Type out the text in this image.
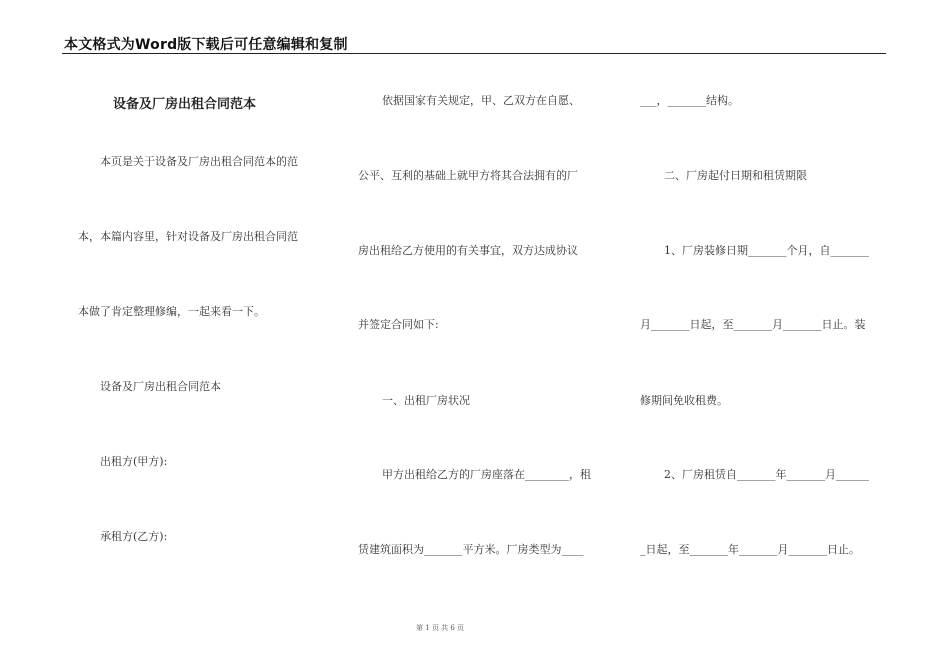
本文格式为Word版下载后可任意编辑和复制
设备及厂房出租合同范本
本页是关于设备及厂房出租合同范本的范
本，本篇内容里，针对设备及厂房出租合同范
本做了肯定整理修编，一起来看一下。
设备及厂房出租合同范本
出租方(甲方):
承租方(乙方):
依据国家有关规定，甲、乙双方在自愿、
公平、互利的基础上就甲方将其合法拥有的厂
房出租给乙方使用的有关事宜，双方达成协议
并签定合同如下:
一、出租厂房状况
甲方出租给乙方的厂房座落在________，租
赁建筑面积为_______平方米。厂房类型为____
___，_______结构。
二、厂房起付日期和租赁期限
1、厂房装修日期_______个月，自_______
月_______日起，至_______月_______日止。装
修期间免收租费。
2、厂房租赁自_______年_______月______
_日起，至_______年_______月_______日止。
第 1 页 共 6 页
